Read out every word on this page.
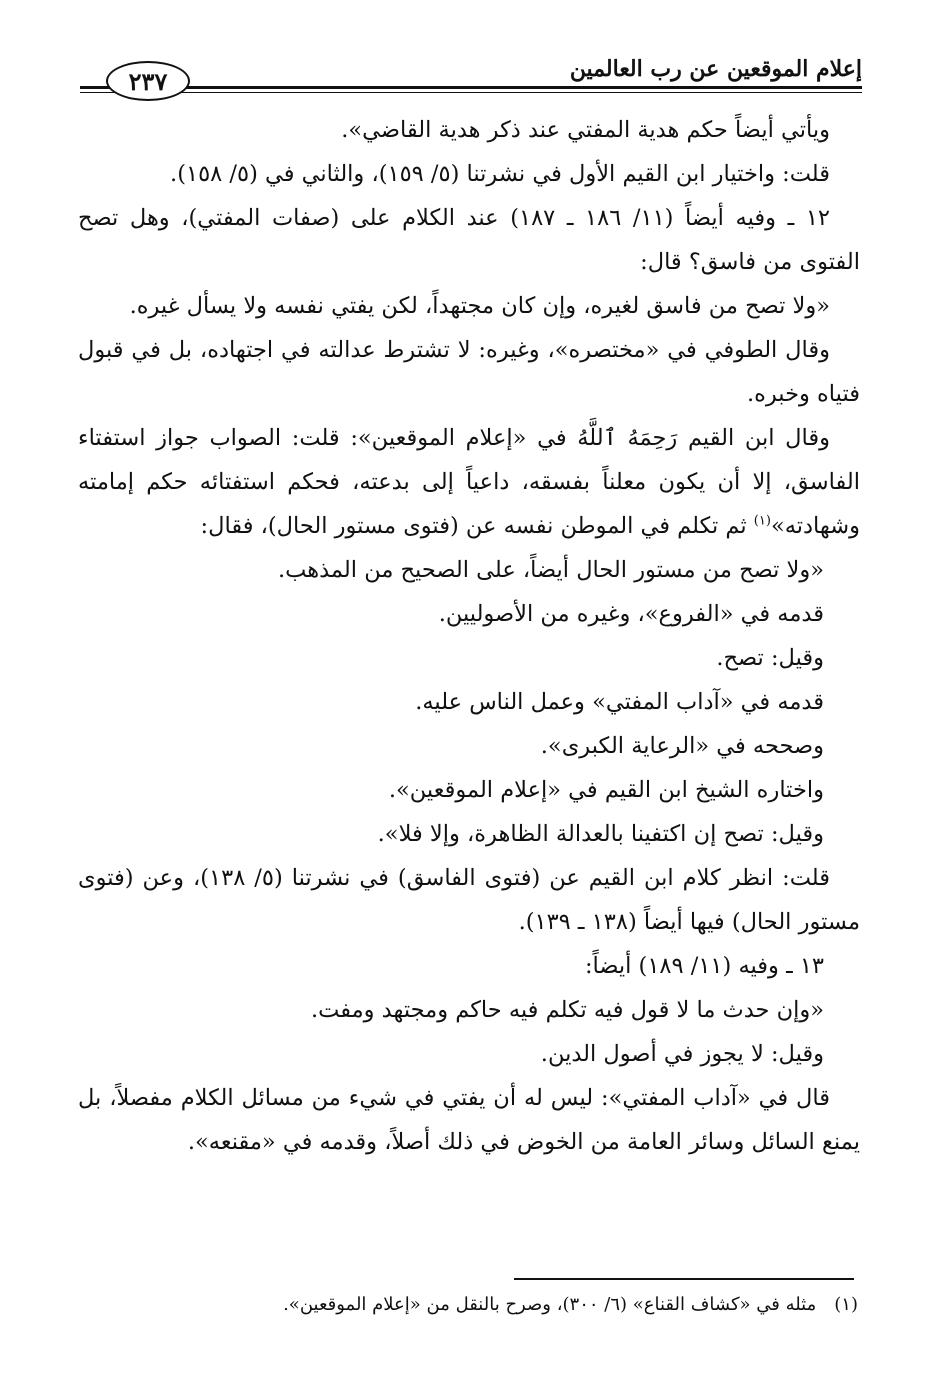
إعلام الموقعين عن رب العالمين
٢٣٧

ويأتي أيضاً حكم هدية المفتي عند ذكر هدية القاضي».

قلت: واختيار ابن القيم الأول في نشرتنا (٥/ ١٥٩)، والثاني في (٥/ ١٥٨).

١٢ ـ وفيه أيضاً (١١/ ١٨٦ ـ ١٨٧) عند الكلام على (صفات المفتي)، وهل تصح الفتوى من فاسق؟ قال:

«ولا تصح من فاسق لغيره، وإن كان مجتهداً، لكن يفتي نفسه ولا يسأل غيره.

وقال الطوفي في «مختصره»، وغيره: لا تشترط عدالته في اجتهاده، بل في قبول فتياه وخبره.

وقال ابن القيم رَحِمَهُ ٱللَّهُ في «إعلام الموقعين»: قلت: الصواب جواز استفتاء الفاسق، إلا أن يكون معلناً بفسقه، داعياً إلى بدعته، فحكم استفتائه حكم إمامته وشهادته»$^{(١)}$ ثم تكلم في الموطن نفسه عن (فتوى مستور الحال)، فقال:

«ولا تصح من مستور الحال أيضاً، على الصحيح من المذهب.

قدمه في «الفروع»، وغيره من الأصوليين.

وقيل: تصح.

قدمه في «آداب المفتي» وعمل الناس عليه.

وصححه في «الرعاية الكبرى».

واختاره الشيخ ابن القيم في «إعلام الموقعين».

وقيل: تصح إن اكتفينا بالعدالة الظاهرة، وإلا فلا».

قلت: انظر كلام ابن القيم عن (فتوى الفاسق) في نشرتنا (٥/ ١٣٨)، وعن (فتوى مستور الحال) فيها أيضاً (١٣٨ ـ ١٣٩).

١٣ ـ وفيه (١١/ ١٨٩) أيضاً:

«وإن حدث ما لا قول فيه تكلم فيه حاكم ومجتهد ومفت.

وقيل: لا يجوز في أصول الدين.

قال في «آداب المفتي»: ليس له أن يفتي في شيء من مسائل الكلام مفصلاً، بل يمنع السائل وسائر العامة من الخوض في ذلك أصلاً، وقدمه في «مقنعه».

(١)مثله في «كشاف القناع» (٦/ ٣٠٠)، وصرح بالنقل من «إعلام الموقعين».
